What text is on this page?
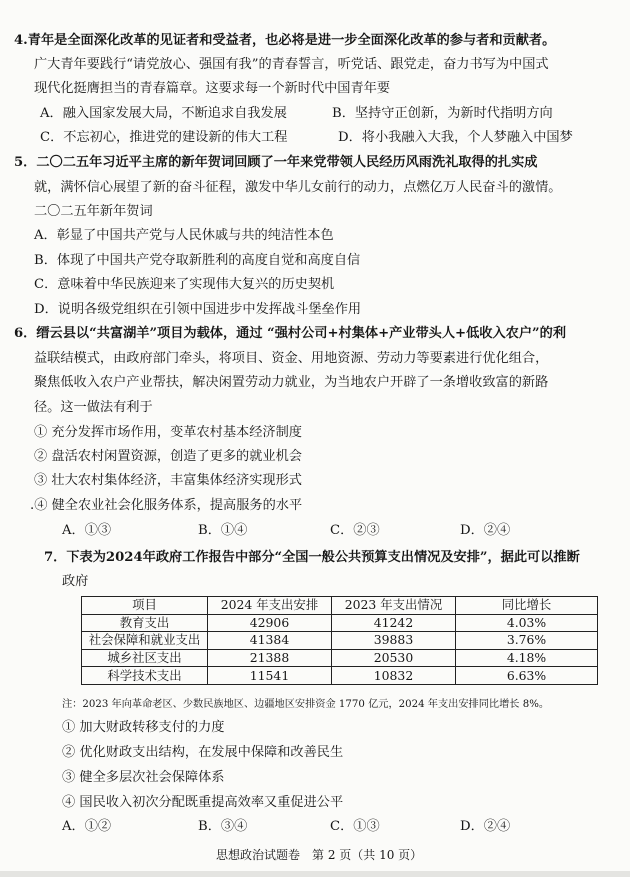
4.青年是全面深化改革的见证者和受益者，也必将是进一步全面深化改革的参与者和贡献者。
广大青年要践行“请党放心、强国有我”的青春誓言，听党话、跟党走，奋力书写为中国式
现代化挺膺担当的青春篇章。这要求每一个新时代中国青年要
A．融入国家发展大局，不断追求自我发展	B．坚持守正创新，为新时代指明方向
C．不忘初心，推进党的建设新的伟大工程	D．将小我融入大我，个人梦融入中国梦
5．二〇二五年习近平主席的新年贺词回顾了一年来党带领人民经历风雨洗礼取得的扎实成
就，满怀信心展望了新的奋斗征程，激发中华儿女前行的动力，点燃亿万人民奋斗的激情。
二〇二五年新年贺词
A．彰显了中国共产党与人民休戚与共的纯洁性本色
B．体现了中国共产党夺取新胜利的高度自觉和高度自信
C．意味着中华民族迎来了实现伟大复兴的历史契机
D．说明各级党组织在引领中国进步中发挥战斗堡垒作用
6．缙云县以“共富湖羊”项目为载体，通过 “强村公司+村集体+产业带头人+低收入农户”的利
益联结模式，由政府部门牵头，将项目、资金、用地资源、劳动力等要素进行优化组合，
聚焦低收入农户产业帮扶，解决闲置劳动力就业，为当地农户开辟了一条增收致富的新路
径。这一做法有利于
① 充分发挥市场作用，变革农村基本经济制度
② 盘活农村闲置资源，创造了更多的就业机会
③ 壮大农村集体经济，丰富集体经济实现形式
.④ 健全农业社会化服务体系，提高服务的水平
A．①③	B．①④	C．②③	D．②④
7．下表为2024年政府工作报告中部分“全国一般公共预算支出情况及安排”，据此可以推断
政府
项目	2024 年支出安排	2023 年支出情况	同比增长
教育支出	42906	41242	4.03%
社会保障和就业支出	41384	39883	3.76%
城乡社区支出	21388	20530	4.18%
科学技术支出	11541	10832	6.63%
注：2023 年向革命老区、少数民族地区、边疆地区安排资金 1770 亿元，2024 年支出安排同比增长 8%。
① 加大财政转移支付的力度
② 优化财政支出结构，在发展中保障和改善民生
③ 健全多层次社会保障体系
④ 国民收入初次分配既重提高效率又重促进公平
A．①②	B．③④	C．①③	D．②④
思想政治试题卷　第 2 页（共 10 页）
